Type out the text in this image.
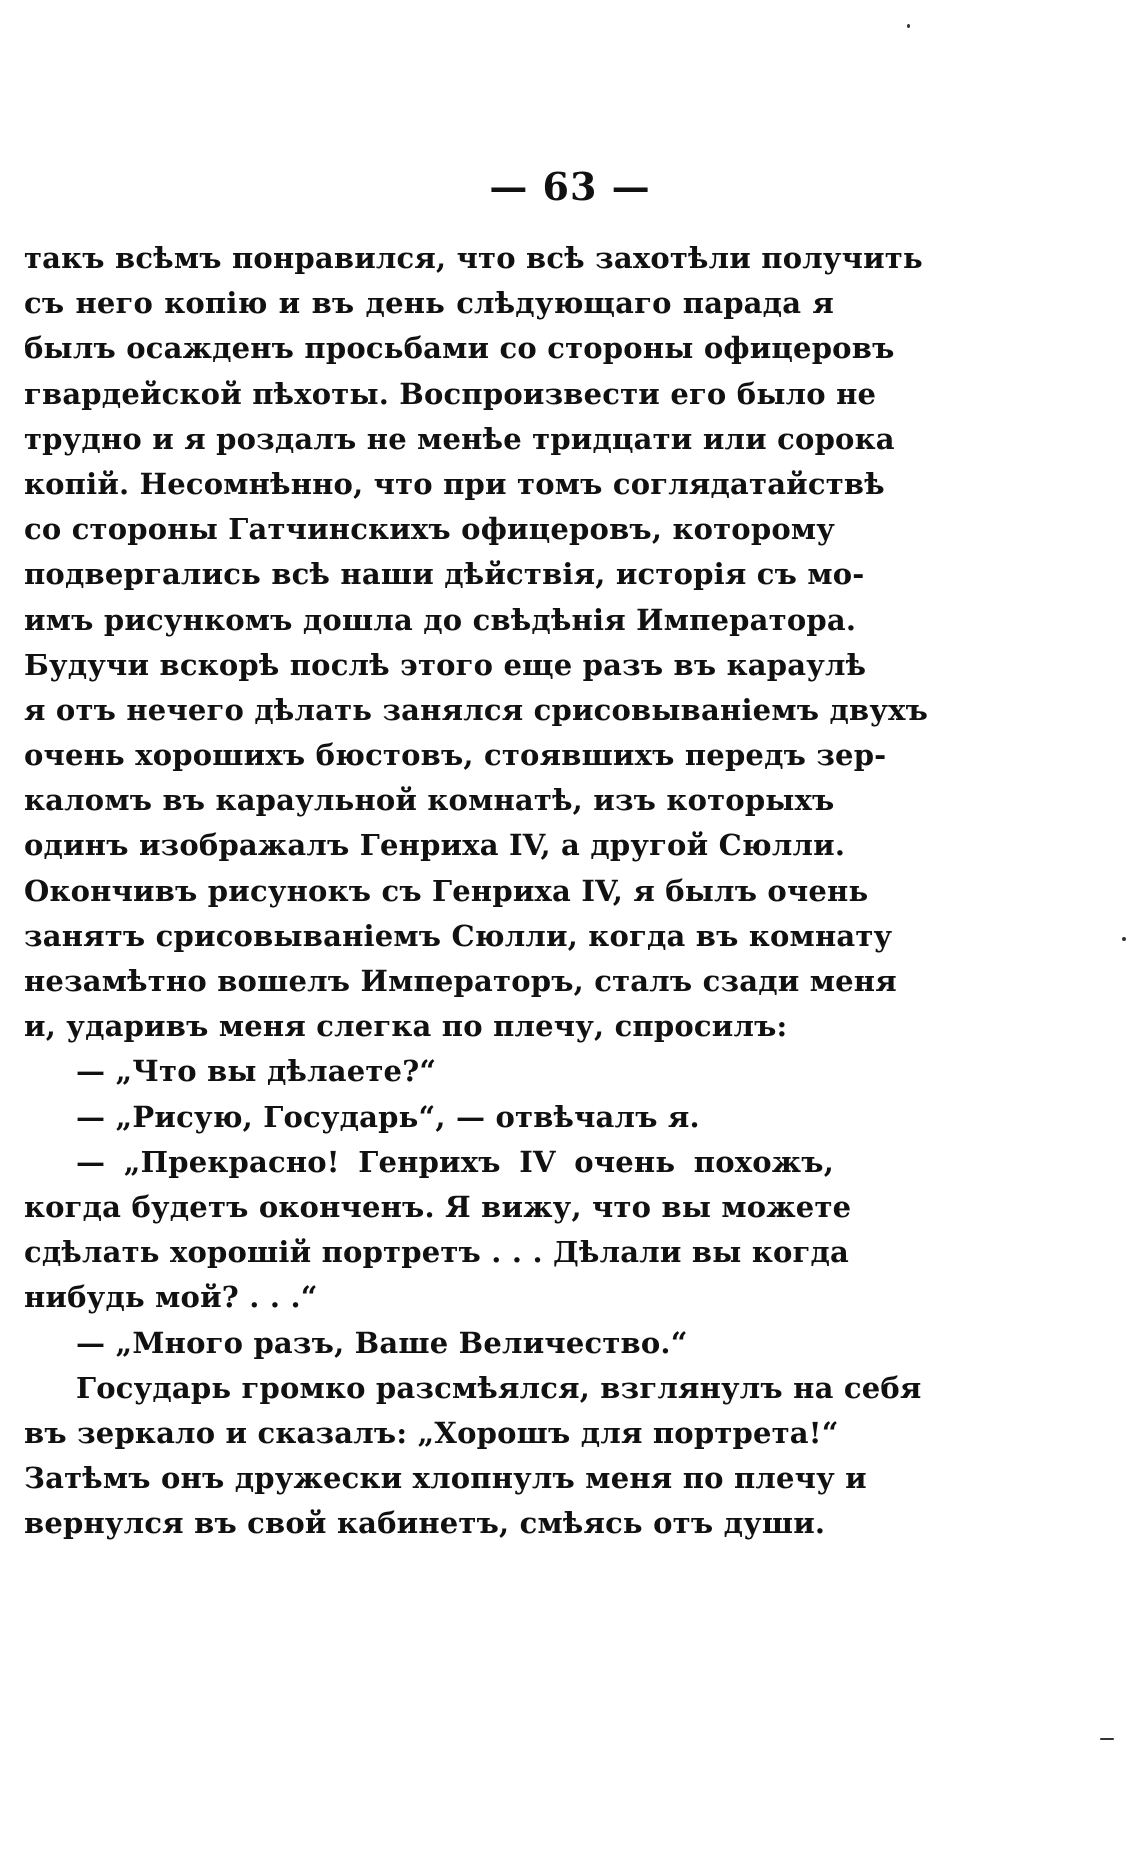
— 63 —
такъ всѣмъ понравился, что всѣ захотѣли получить
съ него копію и въ день слѣдующаго парада я
былъ осажденъ просьбами со стороны офицеровъ
гвардейской пѣхоты. Воспроизвести его было не
трудно и я роздалъ не менѣе тридцати или сорока
копій. Несомнѣнно, что при томъ соглядатайствѣ
со стороны Гатчинскихъ офицеровъ, которому
подвергались всѣ наши дѣйствія, исторія съ мо-
имъ рисункомъ дошла до свѣдѣнія Императора.
Будучи вскорѣ послѣ этого еще разъ въ караулѣ
я отъ нечего дѣлать занялся срисовываніемъ двухъ
очень хорошихъ бюстовъ, стоявшихъ передъ зер-
каломъ въ караульной комнатѣ, изъ которыхъ
одинъ изображалъ Генриха IV, а другой Сюлли.
Окончивъ рисунокъ съ Генриха IV, я былъ очень
занятъ срисовываніемъ Сюлли, когда въ комнату
незамѣтно вошелъ Императоръ, сталъ сзади меня
и, ударивъ меня слегка по плечу, спросилъ:
— „Что вы дѣлаете?“
— „Рисую, Государь“, — отвѣчалъ я.
— „Прекрасно! Генрихъ IV очень похожъ,
когда будетъ оконченъ. Я вижу, что вы можете
сдѣлать хорошій портретъ . . . Дѣлали вы когда
нибудь мой? . . .“
— „Много разъ, Ваше Величество.“
Государь громко разсмѣялся, взглянулъ на себя
въ зеркало и сказалъ: „Хорошъ для портрета!“
Затѣмъ онъ дружески хлопнулъ меня по плечу и
вернулся въ свой кабинетъ, смѣясь отъ души.
